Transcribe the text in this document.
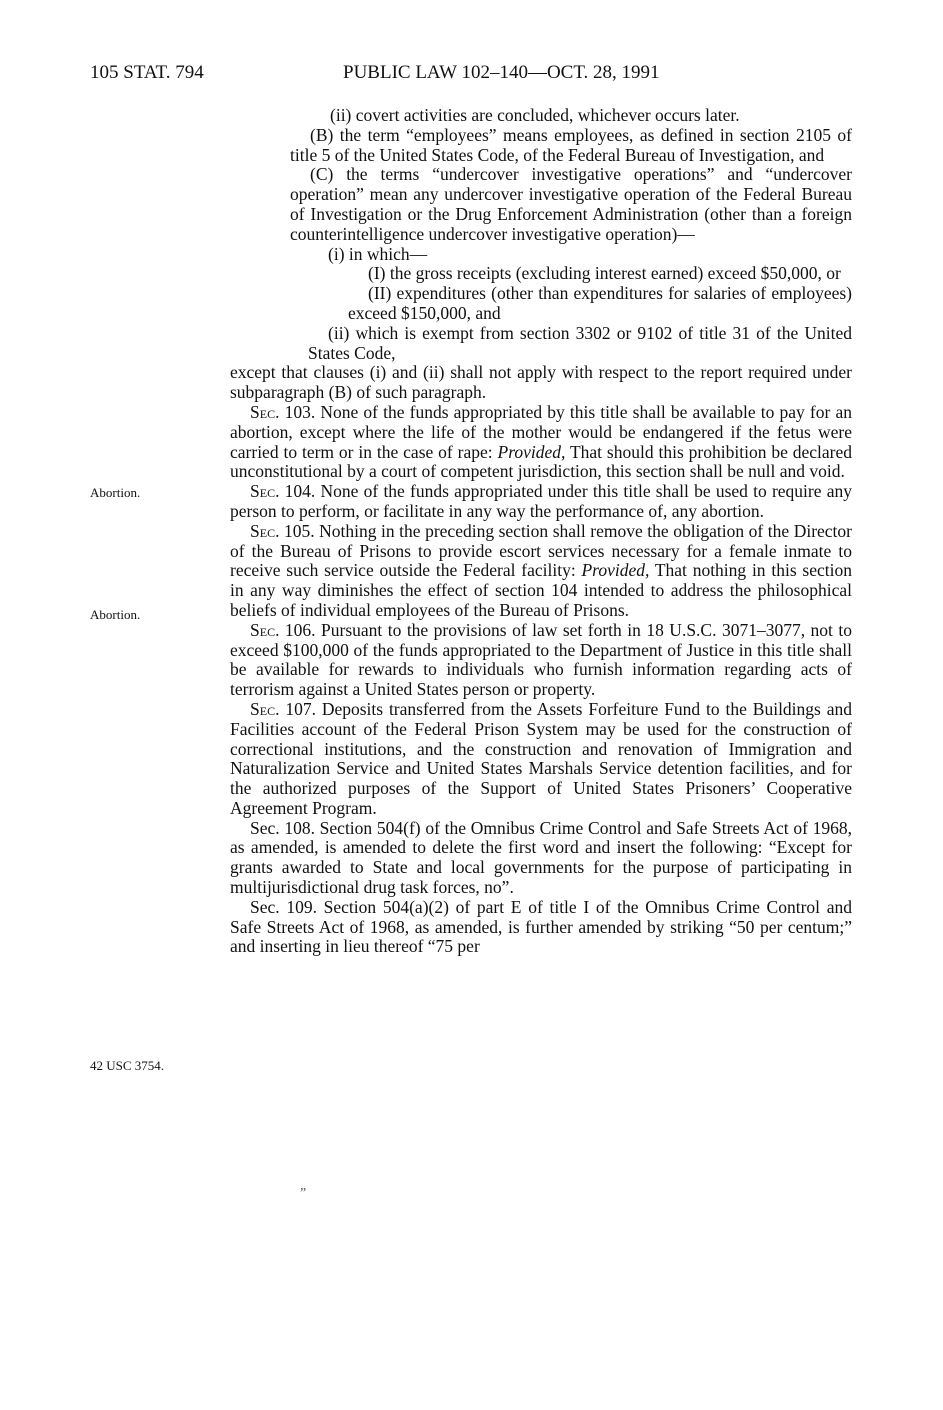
105 STAT. 794	PUBLIC LAW 102–140—OCT. 28, 1991
Abortion.
Abortion.
42 USC 3754.

(ii) covert activities are concluded, whichever occurs later.

(B) the term “employees” means employees, as defined in section 2105 of title 5 of the United States Code, of the Federal Bureau of Investigation, and

(C) the terms “undercover investigative operations” and “undercover operation” mean any undercover investigative operation of the Federal Bureau of Investigation or the Drug Enforcement Administration (other than a foreign counterintelligence undercover investigative operation)—

(i) in which—

(I) the gross receipts (excluding interest earned) exceed $50,000, or

(II) expenditures (other than expenditures for salaries of employees) exceed $150,000, and

(ii) which is exempt from section 3302 or 9102 of title 31 of the United States Code,

except that clauses (i) and (ii) shall not apply with respect to the report required under subparagraph (B) of such paragraph.

Sec. 103. None of the funds appropriated by this title shall be available to pay for an abortion, except where the life of the mother would be endangered if the fetus were carried to term or in the case of rape: Provided, That should this prohibition be declared unconstitutional by a court of competent jurisdiction, this section shall be null and void.

Sec. 104. None of the funds appropriated under this title shall be used to require any person to perform, or facilitate in any way the performance of, any abortion.

Sec. 105. Nothing in the preceding section shall remove the obligation of the Director of the Bureau of Prisons to provide escort services necessary for a female inmate to receive such service outside the Federal facility: Provided, That nothing in this section in any way diminishes the effect of section 104 intended to address the philosophical beliefs of individual employees of the Bureau of Prisons.

Sec. 106. Pursuant to the provisions of law set forth in 18 U.S.C. 3071–3077, not to exceed $100,000 of the funds appropriated to the Department of Justice in this title shall be available for rewards to individuals who furnish information regarding acts of terrorism against a United States person or property.

Sec. 107. Deposits transferred from the Assets Forfeiture Fund to the Buildings and Facilities account of the Federal Prison System may be used for the construction of correctional institutions, and the construction and renovation of Immigration and Naturalization Service and United States Marshals Service detention facilities, and for the authorized purposes of the Support of United States Prisoners’ Cooperative Agreement Program.

Sec. 108. Section 504(f) of the Omnibus Crime Control and Safe Streets Act of 1968, as amended, is amended to delete the first word and insert the following: “Except for grants awarded to State and local governments for the purpose of participating in multijurisdictional drug task forces, no”.

Sec. 109. Section 504(a)(2) of part E of title I of the Omnibus Crime Control and Safe Streets Act of 1968, as amended, is further amended by striking “50 per centum;” and inserting in lieu thereof “75 per

”
